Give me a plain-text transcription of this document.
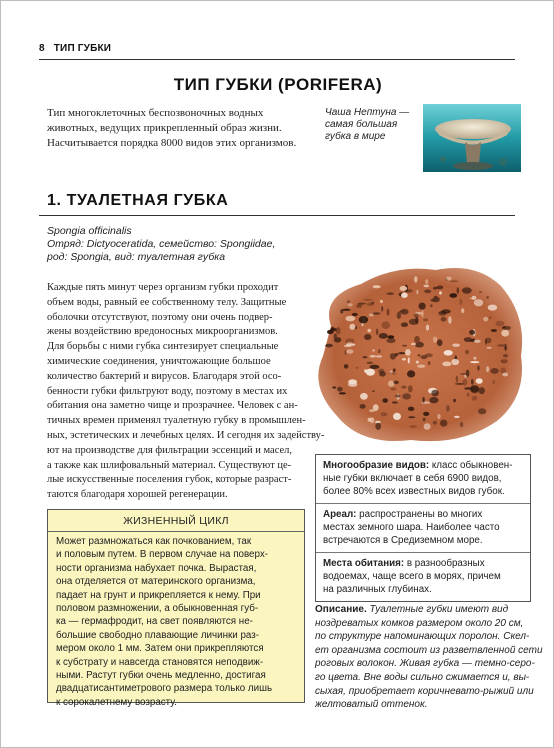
8 ТИП ГУБКИ
ТИП ГУБКИ (PORIFERA)
Тип многоклеточных беспозвоночных водных животных, ведущих прикрепленный образ жизни. Насчитывается порядка 8000 видов этих организмов.
Чаша Нептуна — самая большая губка в мире
1. ТУАЛЕТНАЯ ГУБКА
Spongia officinalis
Отряд: Dictyoceratida, семейство: Spongiidae,
род: Spongia, вид: туалетная губка
Каждые пять минут через организм губки проходит
объем воды, равный ее собственному телу. Защитные
оболочки отсутствуют, поэтому они очень подвер-
жены воздействию вредоносных микроорганизмов.
Для борьбы с ними губка синтезирует специальные
химические соединения, уничтожающие большое
количество бактерий и вирусов. Благодаря этой осо-
бенности губки фильтруют воду, поэтому в местах их
обитания она заметно чище и прозрачнее. Человек с ан-
тичных времен применял туалетную губку в промышлен-
ных, эстетических и лечебных целях. И сегодня их задейству-
ют на производстве для фильтрации эссенций и масел,
а также как шлифовальный материал. Существуют це-
лые искусственные поселения губок, которые разраст-
таются благодаря хорошей регенерации.
Многообразие видов: класс обыкновен-
ные губки включает в себя 6900 видов,
более 80% всех известных видов губок.
Ареал: распространены во многих
местах земного шара. Наиболее часто
встречаются в Средиземном море.
Места обитания: в разнообразных
водоемах, чаще всего в морях, причем
на различных глубинах.
ЖИЗНЕННЫЙ ЦИКЛ
Может размножаться как почкованием, так
и половым путем. В первом случае на поверх-
ности организма набухает почка. Вырастая,
она отделяется от материнского организма,
падает на грунт и прикрепляется к нему. При
половом размножении, а обыкновенная губ-
ка — гермафродит, на свет появляются не-
большие свободно плавающие личинки раз-
мером около 1 мм. Затем они прикрепляются
к субстрату и навсегда становятся неподвиж-
ными. Растут губки очень медленно, достигая
двадцатисантиметрового размера только лишь
к сорокалетнему возрасту.
Описание. Туалетные губки имеют вид
ноздреватых комков размером около 20 см,
по структуре напоминающих поролон. Скел-
ет организма состоит из разветвленной сети
роговых волокон. Живая губка — темно-серо-
го цвета. Вне воды сильно сжимается и, вы-
сыхая, приобретает коричневато-рыжий или
желтоватый оттенок.
